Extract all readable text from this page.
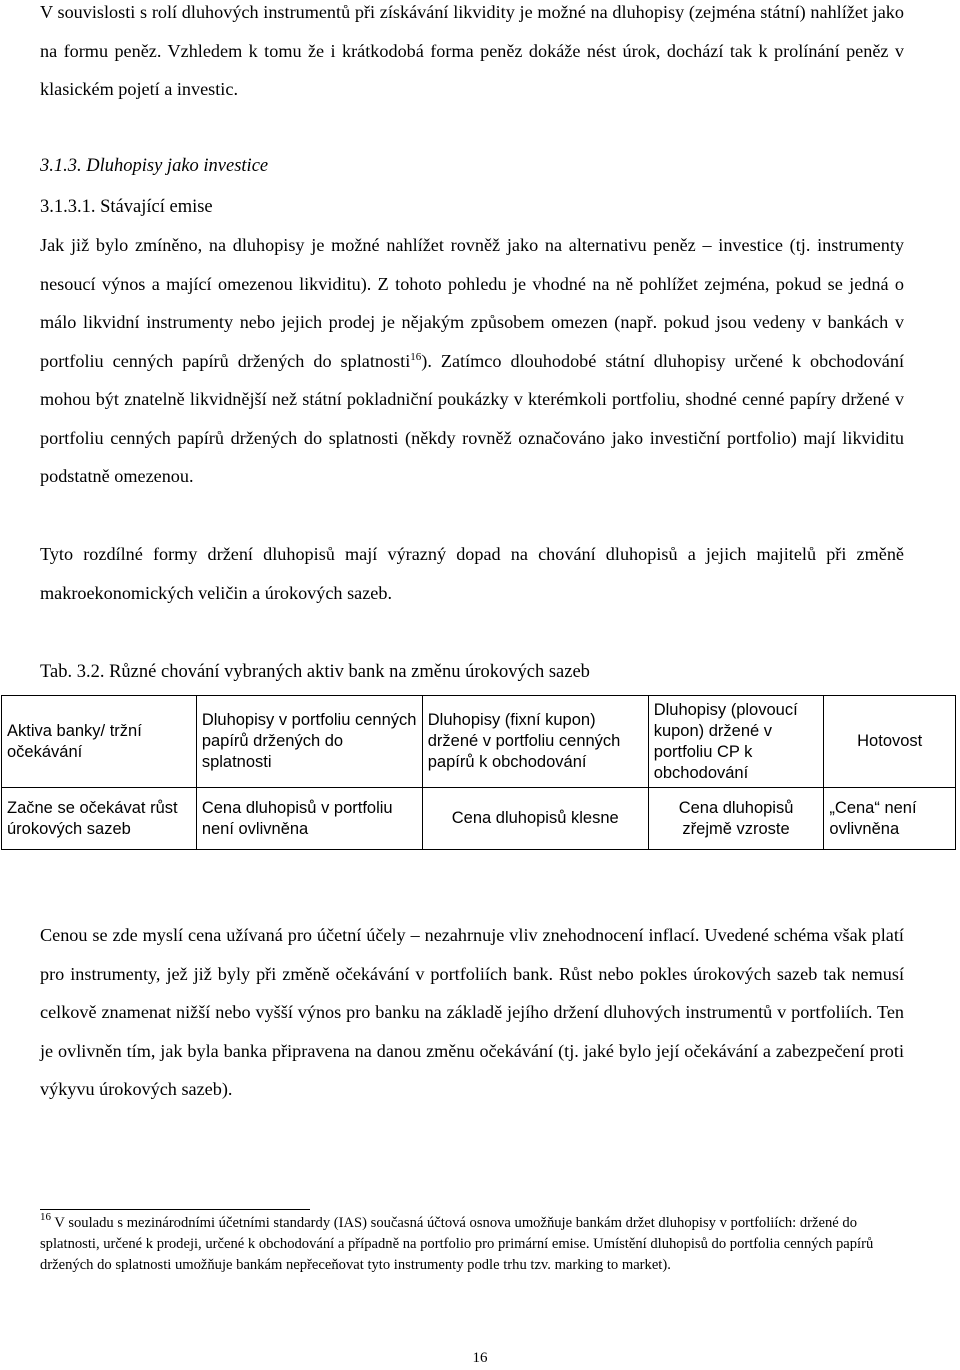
V souvislosti s rolí dluhových instrumentů při získávání likvidity je možné na dluhopisy (zejména státní) nahlížet jako na formu peněz. Vzhledem k tomu že i krátkodobá forma peněz dokáže nést úrok, dochází tak k prolínání peněz v klasickém pojetí a investic.

3.1.3. Dluhopisy jako investice

3.1.3.1. Stávající emise

Jak již bylo zmíněno, na dluhopisy je možné nahlížet rovněž jako na alternativu peněz – investice (tj. instrumenty nesoucí výnos a mající omezenou likviditu). Z tohoto pohledu je vhodné na ně pohlížet zejména, pokud se jedná o málo likvidní instrumenty nebo jejich prodej je nějakým způsobem omezen (např. pokud jsou vedeny v bankách v portfoliu cenných papírů držených do splatnosti$^{16}$). Zatímco dlouhodobé státní dluhopisy určené k obchodování mohou být znatelně likvidnější než státní pokladniční poukázky v kterémkoli portfoliu, shodné cenné papíry držené v portfoliu cenných papírů držených do splatnosti (někdy rovněž označováno jako investiční portfolio) mají likviditu podstatně omezenou.

Tyto rozdílné formy držení dluhopisů mají výrazný dopad na chování dluhopisů a jejich majitelů při změně makroekonomických veličin a úrokových sazeb.

Tab. 3.2. Různé chování vybraných aktiv bank na změnu úrokových sazeb

Aktiva banky/ tržní očekávání	Dluhopisy v portfoliu cenných papírů držených do splatnosti	Dluhopisy (fixní kupon) držené v portfoliu cenných papírů k obchodování	Dluhopisy (plovoucí kupon) držené v portfoliu CP k obchodování	Hotovost
Začne se očekávat růst úrokových sazeb	Cena dluhopisů v portfoliu není ovlivněna	Cena dluhopisů klesne	Cena dluhopisů zřejmě vzroste	„Cena“ není ovlivněna

Cenou se zde myslí cena užívaná pro účetní účely – nezahrnuje vliv znehodnocení inflací. Uvedené schéma však platí pro instrumenty, jež již byly při změně očekávání v portfoliích bank. Růst nebo pokles úrokových sazeb tak nemusí celkově znamenat nižší nebo vyšší výnos pro banku na základě jejího držení dluhových instrumentů v portfoliích. Ten je ovlivněn tím, jak byla banka připravena na danou změnu očekávání (tj. jaké bylo její očekávání a zabezpečení proti výkyvu úrokových sazeb).

$^{16}$ V souladu s mezinárodními účetními standardy (IAS) současná účtová osnova umožňuje bankám držet dluhopisy v portfoliích: držené do splatnosti, určené k prodeji, určené k obchodování a případně na portfolio pro primární emise. Umístění dluhopisů do portfolia cenných papírů držených do splatnosti umožňuje bankám nepřeceňovat tyto instrumenty podle trhu tzv. marking to market).

16
